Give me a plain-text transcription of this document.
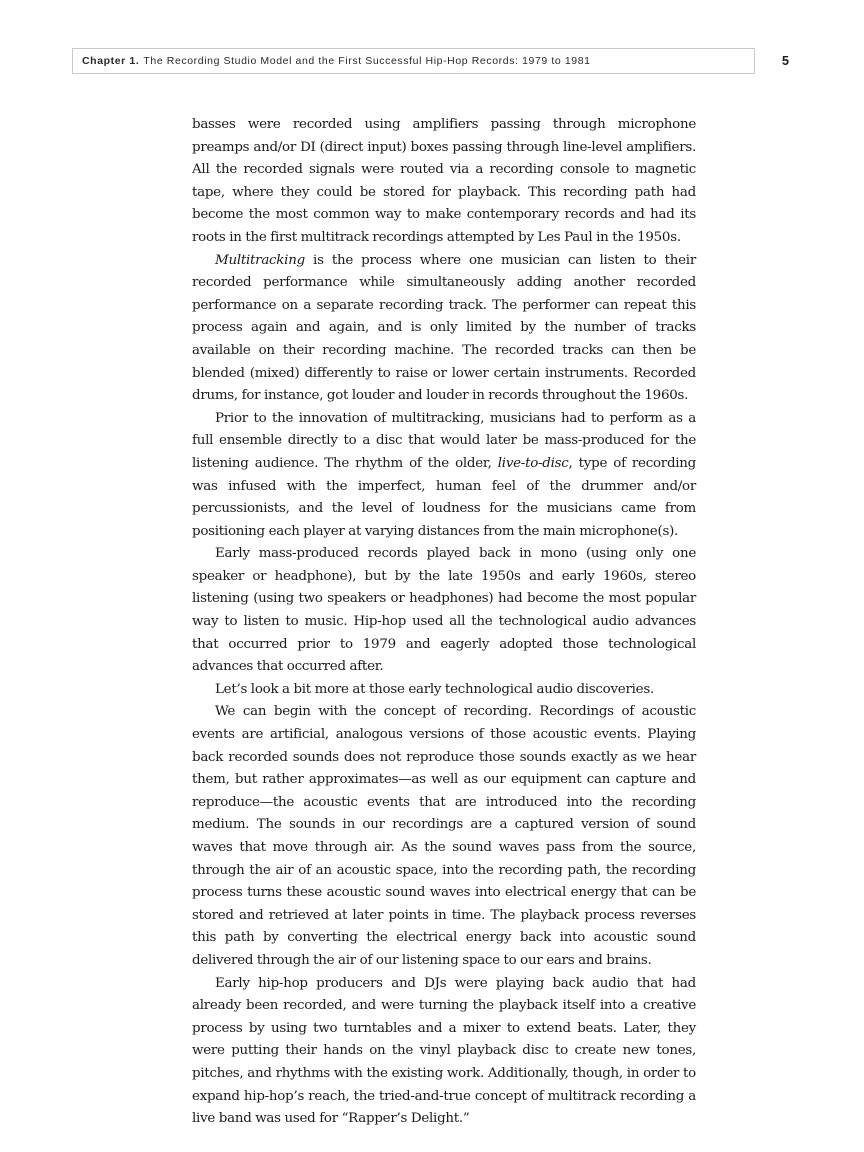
Chapter 1. The Recording Studio Model and the First Successful Hip-Hop Records: 1979 to 1981	5

basses were recorded using amplifiers passing through microphone preamps and/or DI (direct input) boxes passing through line-level amplifiers. All the recorded signals were routed via a recording console to magnetic tape, where they could be stored for playback. This recording path had become the most common way to make contemporary records and had its roots in the first multitrack recordings attempted by Les Paul in the 1950s.

Multitracking is the process where one musician can listen to their recorded performance while simultaneously adding another recorded performance on a separate recording track. The performer can repeat this process again and again, and is only limited by the number of tracks available on their recording machine. The recorded tracks can then be blended (mixed) differently to raise or lower certain instruments. Recorded drums, for instance, got louder and louder in records throughout the 1960s.

Prior to the innovation of multitracking, musicians had to perform as a full ensemble directly to a disc that would later be mass-produced for the listening audience. The rhythm of the older, live-to-disc, type of recording was infused with the imperfect, human feel of the drummer and/or percussionists, and the level of loudness for the musicians came from positioning each player at varying distances from the main microphone(s).

Early mass-produced records played back in mono (using only one speaker or headphone), but by the late 1950s and early 1960s, stereo listening (using two speakers or headphones) had become the most popular way to listen to music. Hip-hop used all the technological audio advances that occurred prior to 1979 and eagerly adopted those technological advances that occurred after.

Let’s look a bit more at those early technological audio discoveries.

We can begin with the concept of recording. Recordings of acoustic events are artificial, analogous versions of those acoustic events. Playing back recorded sounds does not reproduce those sounds exactly as we hear them, but rather approximates—as well as our equipment can capture and reproduce—the acoustic events that are introduced into the recording medium. The sounds in our recordings are a captured version of sound waves that move through air. As the sound waves pass from the source, through the air of an acoustic space, into the recording path, the recording process turns these acoustic sound waves into electrical energy that can be stored and retrieved at later points in time. The playback process reverses this path by converting the electrical energy back into acoustic sound delivered through the air of our listening space to our ears and brains.

Early hip-hop producers and DJs were playing back audio that had already been recorded, and were turning the playback itself into a creative process by using two turntables and a mixer to extend beats. Later, they were putting their hands on the vinyl playback disc to create new tones, pitches, and rhythms with the existing work. Additionally, though, in order to expand hip-hop’s reach, the tried-and-true concept of multitrack recording a live band was used for “Rapper’s Delight.”
